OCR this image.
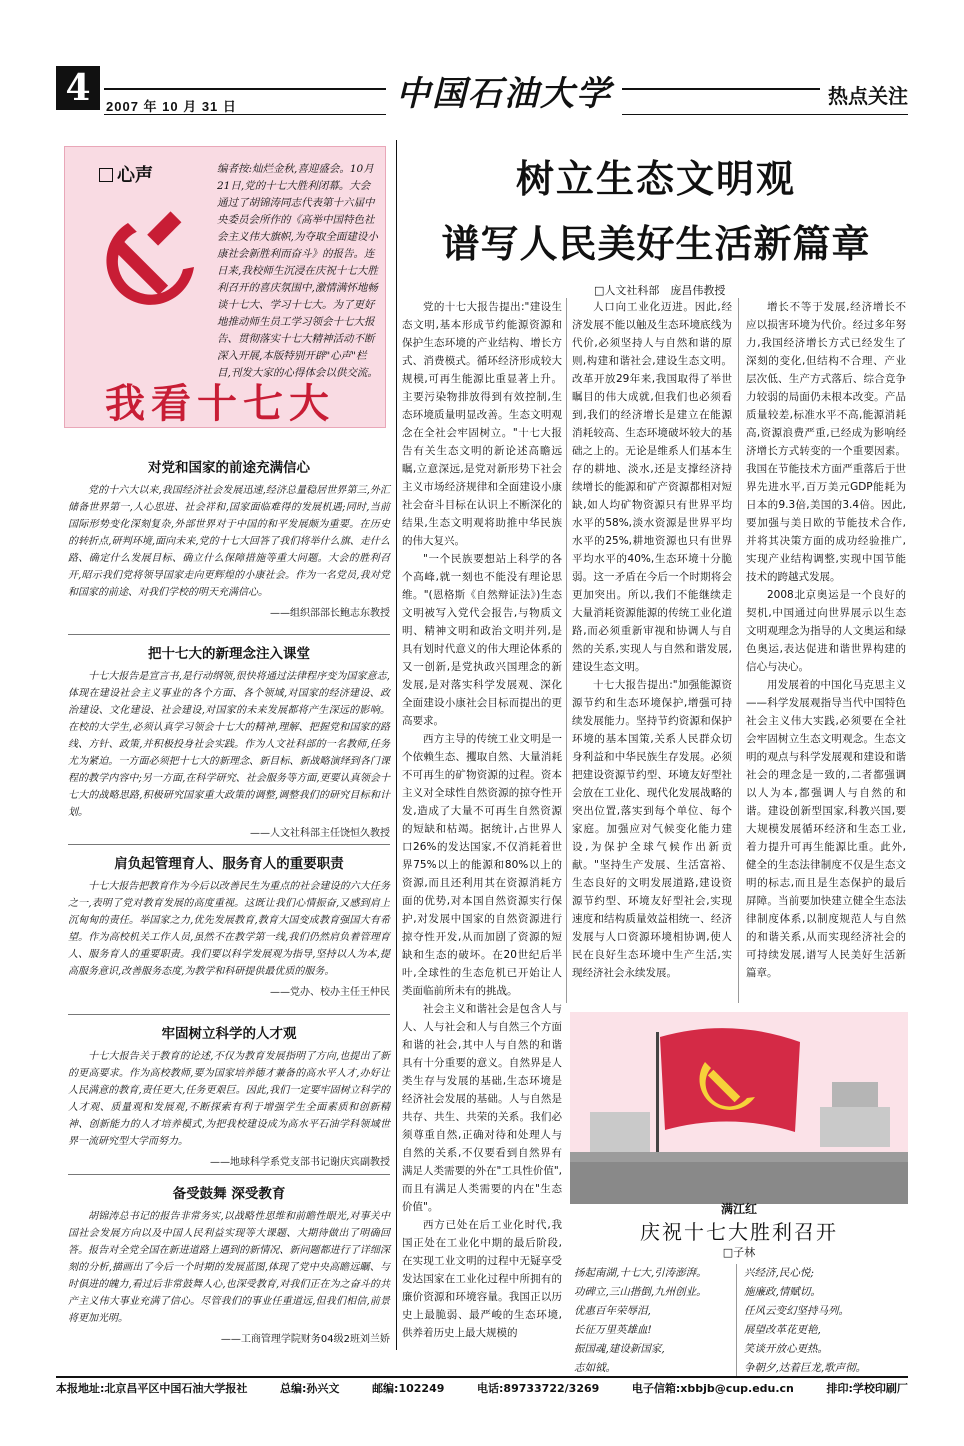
4	2007 年 10 月 31 日	中国石油大学	热点关注
心声	编者按:灿烂金秋,喜迎盛会。10月21日,党的十七大胜利闭幕。大会通过了胡锦涛同志代表第十六届中央委员会所作的《高举中国特色社会主义伟大旗帜,为夺取全面建设小康社会新胜利而奋斗》的报告。连日来,我校师生沉浸在庆祝十七大胜利召开的喜庆氛围中,激情满怀地畅谈十七大、学习十七大。为了更好地推动师生员工学习领会十七大报告、贯彻落实十七大精神活动不断深入开展,本版特别开辟"心声"栏目,刊发大家的心得体会以供交流。
我看十七大
对党和国家的前途充满信心

党的十六大以来,我国经济社会发展迅速,经济总量稳居世界第三,外汇储备世界第一,人心思进、社会祥和,国家面临难得的发展机遇;同时,当前国际形势变化深刻复杂,外部世界对于中国的和平发展颇为重要。在历史的转折点,研判环境,面向未来,党的十七大回答了我们将举什么旗、走什么路、确定什么发展目标、确立什么保障措施等重大问题。大会的胜利召开,昭示我们党将领导国家走向更辉煌的小康社会。作为一名党员,我对党和国家的前途、对我们学校的明天充满信心。

——组织部部长鲍志东教授
把十七大的新理念注入课堂

十七大报告是宣言书,是行动纲领,很快将通过法律程序变为国家意志,体现在建设社会主义事业的各个方面、各个领域,对国家的经济建设、政治建设、文化建设、社会建设,对国家的未来发展都将产生深远的影响。在校的大学生,必须认真学习领会十七大的精神,理解、把握党和国家的路线、方针、政策,并积极投身社会实践。作为人文社科部的一名教师,任务尤为紧迫。一方面必须把十七大的新理念、新目标、新战略演绎到各门课程的教学内容中;另一方面,在科学研究、社会服务等方面,更要认真领会十七大的战略思路,积极研究国家重大政策的调整,调整我们的研究目标和计划。

——人文社科部主任饶恒久教授
肩负起管理育人、服务育人的重要职责

十七大报告把教育作为今后以改善民生为重点的社会建设的六大任务之一,表明了党对教育发展的高度重视。这既让我们心情振奋,又感到肩上沉甸甸的责任。举国家之力,优先发展教育,教育大国变成教育强国大有希望。作为高校机关工作人员,虽然不在教学第一线,我们仍然肩负着管理育人、服务育人的重要职责。我们要以科学发展观为指导,坚持以人为本,提高服务意识,改善服务态度,为教学和科研提供最优质的服务。

——党办、校办主任王仲民
牢固树立科学的人才观

十七大报告关于教育的论述,不仅为教育发展指明了方向,也提出了新的更高要求。作为高校教师,要为国家培养德才兼备的高水平人才,办好让人民满意的教育,责任更大,任务更艰巨。因此,我们一定要牢固树立科学的人才观、质量观和发展观,不断探索有利于增强学生全面素质和创新精神、创新能力的人才培养模式,为把我校建设成为高水平石油学科领域世界一流研究型大学而努力。

——地球科学系党支部书记谢庆宾副教授
备受鼓舞 深受教育

胡锦涛总书记的报告非常务实,以战略性思维和前瞻性眼光,对事关中国社会发展方向以及中国人民利益实现等大课题、大期待做出了明确回答。报告对全党全国在新进道路上遇到的新情况、新问题都进行了详细深刻的分析,描画出了今后一个时期的发展蓝图,体现了党中央高瞻远瞩、与时俱进的魄力,看过后非常鼓舞人心,也深受教育,对我们正在为之奋斗的共产主义伟大事业充满了信心。尽管我们的事业任重道远,但我们相信,前景将更加光明。

——工商管理学院财务04级2班刘兰娇
树立生态文明观
谱写人民美好生活新篇章
□人文社科部　庞昌伟教授

党的十七大报告提出:"建设生态文明,基本形成节约能源资源和保护生态环境的产业结构、增长方式、消费模式。循环经济形成较大规模,可再生能源比重显著上升。主要污染物排放得到有效控制,生态环境质量明显改善。生态文明观念在全社会牢固树立。"十七大报告有关生态文明的新论述高瞻远瞩,立意深远,是党对新形势下社会主义市场经济规律和全面建设小康社会奋斗目标在认识上不断深化的结果,生态文明观将助推中华民族的伟大复兴。

"一个民族要想站上科学的各个高峰,就一刻也不能没有理论思维。"(恩格斯《自然辩证法》)生态文明被写入党代会报告,与物质文明、精神文明和政治文明并列,是具有划时代意义的伟大理论体系的又一创新,是党执政兴国理念的新发展,是对落实科学发展观、深化全面建设小康社会目标而提出的更高要求。

西方主导的传统工业文明是一个依赖生态、攫取自然、大量消耗不可再生的矿物资源的过程。资本主义对全球性自然资源的掠夺性开发,造成了大量不可再生自然资源的短缺和枯竭。据统计,占世界人口26%的发达国家,不仅消耗着世界75%以上的能源和80%以上的资源,而且还利用其在资源消耗方面的优势,对本国自然资源实行保护,对发展中国家的自然资源进行掠夺性开发,从而加剧了资源的短缺和生态的破坏。在20世纪后半叶,全球性的生态危机已开始让人类面临前所未有的挑战。

社会主义和谐社会是包含人与人、人与社会和人与自然三个方面和谐的社会,其中人与自然的和谐具有十分重要的意义。自然界是人类生存与发展的基础,生态环境是经济社会发展的基础。人与自然是共存、共生、共荣的关系。我们必须尊重自然,正确对待和处理人与自然的关系,不仅要看到自然界有满足人类需要的外在"工具性价值",而且有满足人类需要的内在"生态价值"。

西方已处在后工业化时代,我国正处在工业化中期的最后阶段,在实现工业文明的过程中无疑享受发达国家在工业化过程中所拥有的廉价资源和环境容量。我国正以历史上最脆弱、最严峻的生态环境,供养着历史上最大规模的

人口向工业化迈进。因此,经济发展不能以触及生态环境底线为代价,必须坚持人与自然和谐的原则,构建和谐社会,建设生态文明。改革开放29年来,我国取得了举世瞩目的伟大成就,但我们也必须看到,我们的经济增长是建立在能源消耗较高、生态环境破坏较大的基础之上的。无论是维系人们基本生存的耕地、淡水,还是支撑经济持续增长的能源和矿产资源都相对短缺,如人均矿物资源只有世界平均水平的58%,淡水资源是世界平均水平的25%,耕地资源也只有世界平均水平的40%,生态环境十分脆弱。这一矛盾在今后一个时期将会更加突出。所以,我们不能继续走大量消耗资源能源的传统工业化道路,而必须重新审视和协调人与自然的关系,实现人与自然和谐发展,建设生态文明。

十七大报告提出:"加强能源资源节约和生态环境保护,增强可持续发展能力。坚持节约资源和保护环境的基本国策,关系人民群众切身利益和中华民族生存发展。必须把建设资源节约型、环境友好型社会放在工业化、现代化发展战略的突出位置,落实到每个单位、每个家庭。加强应对气候变化能力建设,为保护全球气候作出新贡献。"坚持生产发展、生活富裕、生态良好的文明发展道路,建设资源节约型、环境友好型社会,实现速度和结构质量效益相统一、经济发展与人口资源环境相协调,使人民在良好生态环境中生产生活,实现经济社会永续发展。

增长不等于发展,经济增长不应以损害环境为代价。经过多年努力,我国经济增长方式已经发生了深刻的变化,但结构不合理、产业层次低、生产方式落后、综合竞争力较弱的局面仍未根本改变。产品质量较差,标准水平不高,能源消耗高,资源浪费严重,已经成为影响经济增长方式转变的一个重要因素。我国在节能技术方面严重落后于世界先进水平,百万美元GDP能耗为日本的9.3倍,美国的3.4倍。因此,要加强与美日欧的节能技术合作,并将其决策方面的成功经验推广,实现产业结构调整,实现中国节能技术的跨越式发展。

2008北京奥运是一个良好的契机,中国通过向世界展示以生态文明观理念为指导的人文奥运和绿色奥运,表达促进和谐世界构建的信心与决心。

用发展着的中国化马克思主义——科学发展观指导当代中国特色社会主义伟大实践,必须要在全社会牢固树立生态文明观念。生态文明的观点与科学发展观和建设和谐社会的理念是一致的,二者都强调以人为本,都强调人与自然的和谐。建设创新型国家,科教兴国,要大规模发展循环经济和生态工业,着力提升可再生能源比重。此外,健全的生态法律制度不仅是生态文明的标志,而且是生态保护的最后屏障。当前要加快建立健全生态法律制度体系,以制度规范人与自然的和谐关系,从而实现经济社会的可持续发展,谱写人民美好生活新篇章。

满江红
庆祝十七大胜利召开
□子林
扬起南湖,十七大,引涛澎湃。
功碑立,三山揩倒,九州创业。
优惠百年荣辱泪,
长征万里英雄血!
振国魂,建设新国家,
志如钺。
兴经济,民心悦;
施廉政,情赋切。
任风云变幻坚持马列。
展望改革花更艳,
笑谈开放心更热。
争朝夕,达着巨龙,歌声彻。
本报地址:北京昌平区中国石油大学报社	总编:孙兴文	邮编:102249	电话:89733722/3269	电子信箱:xbbjb@cup.edu.cn	排印:学校印刷厂
